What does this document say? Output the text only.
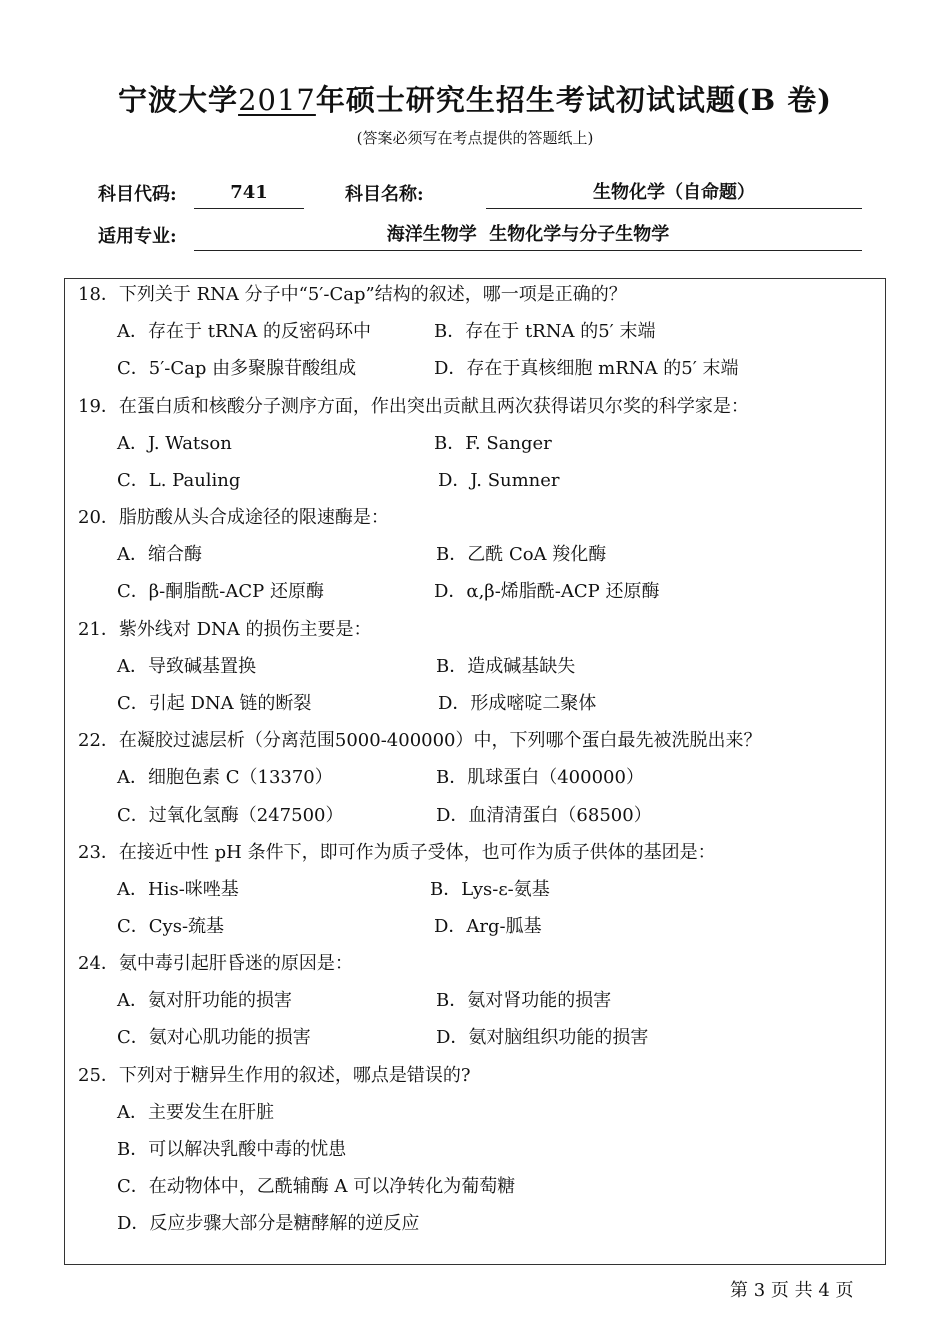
宁波大学2017年硕士研究生招生考试初试试题(B 卷)
(答案必须写在考点提供的答题纸上)
科目代码:	741	科目名称:	生物化学（自命题）
适用专业:	海洋生物学  生物化学与分子生物学
18．下列关于 RNA 分子中“5′-Cap”结构的叙述，哪一项是正确的？
A．存在于 tRNA 的反密码环中	B．存在于 tRNA 的5′ 末端
C．5′-Cap 由多聚腺苷酸组成	D．存在于真核细胞 mRNA 的5′ 末端
19．在蛋白质和核酸分子测序方面，作出突出贡献且两次获得诺贝尔奖的科学家是：
A．J. Watson	B．F. Sanger
C．L. Pauling	D．J. Sumner
20．脂肪酸从头合成途径的限速酶是：
A．缩合酶	B．乙酰 CoA 羧化酶
C．β-酮脂酰-ACP 还原酶	D．α,β-烯脂酰-ACP 还原酶
21．紫外线对 DNA 的损伤主要是：
A．导致碱基置换	B．造成碱基缺失
C．引起 DNA 链的断裂	D．形成嘧啶二聚体
22．在凝胶过滤层析（分离范围5000-400000）中，下列哪个蛋白最先被洗脱出来？
A．细胞色素 C（13370）	B．肌球蛋白（400000）
C．过氧化氢酶（247500）	D．血清清蛋白（68500）
23．在接近中性 pH 条件下，即可作为质子受体，也可作为质子供体的基团是：
A．His-咪唑基	B．Lys-ε-氨基
C．Cys-巯基	D．Arg-胍基
24．氨中毒引起肝昏迷的原因是：
A．氨对肝功能的损害	B．氨对肾功能的损害
C．氨对心肌功能的损害	D．氨对脑组织功能的损害
25．下列对于糖异生作用的叙述，哪点是错误的?
A．主要发生在肝脏
B．可以解决乳酸中毒的忧患
C．在动物体中，乙酰辅酶 A 可以净转化为葡萄糖
D．反应步骤大部分是糖酵解的逆反应
第 3 页 共 4 页
